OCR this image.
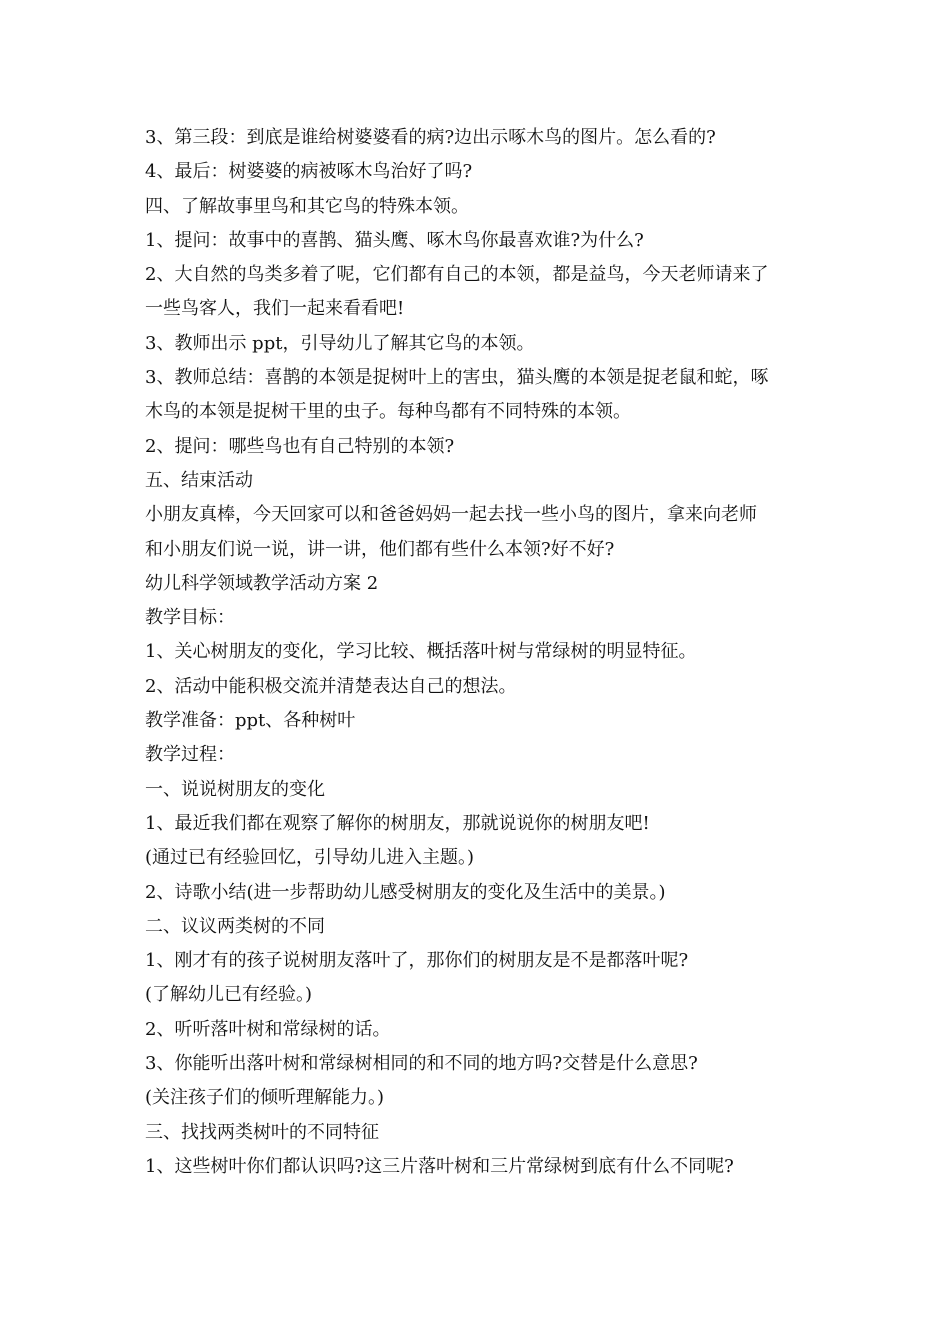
3、第三段：到底是谁给树婆婆看的病?边出示啄木鸟的图片。怎么看的?
4、最后：树婆婆的病被啄木鸟治好了吗?
四、了解故事里鸟和其它鸟的特殊本领。
1、提问：故事中的喜鹊、猫头鹰、啄木鸟你最喜欢谁?为什么?
2、大自然的鸟类多着了呢，它们都有自己的本领，都是益鸟，今天老师请来了
一些鸟客人，我们一起来看看吧!
3、教师出示 ppt，引导幼儿了解其它鸟的本领。
3、教师总结：喜鹊的本领是捉树叶上的害虫，猫头鹰的本领是捉老鼠和蛇，啄
木鸟的本领是捉树干里的虫子。每种鸟都有不同特殊的本领。
2、提问：哪些鸟也有自己特别的本领?
五、结束活动
小朋友真棒，今天回家可以和爸爸妈妈一起去找一些小鸟的图片，拿来向老师
和小朋友们说一说，讲一讲，他们都有些什么本领?好不好?
幼儿科学领域教学活动方案 2
教学目标：
1、关心树朋友的变化，学习比较、概括落叶树与常绿树的明显特征。
2、活动中能积极交流并清楚表达自己的想法。
教学准备：ppt、各种树叶
教学过程：
一、说说树朋友的变化
1、最近我们都在观察了解你的树朋友，那就说说你的树朋友吧!
(通过已有经验回忆，引导幼儿进入主题。)
2、诗歌小结(进一步帮助幼儿感受树朋友的变化及生活中的美景。)
二、议议两类树的不同
1、刚才有的孩子说树朋友落叶了，那你们的树朋友是不是都落叶呢?
(了解幼儿已有经验。)
2、听听落叶树和常绿树的话。
3、你能听出落叶树和常绿树相同的和不同的地方吗?交替是什么意思?
(关注孩子们的倾听理解能力。)
三、找找两类树叶的不同特征
1、这些树叶你们都认识吗?这三片落叶树和三片常绿树到底有什么不同呢?
